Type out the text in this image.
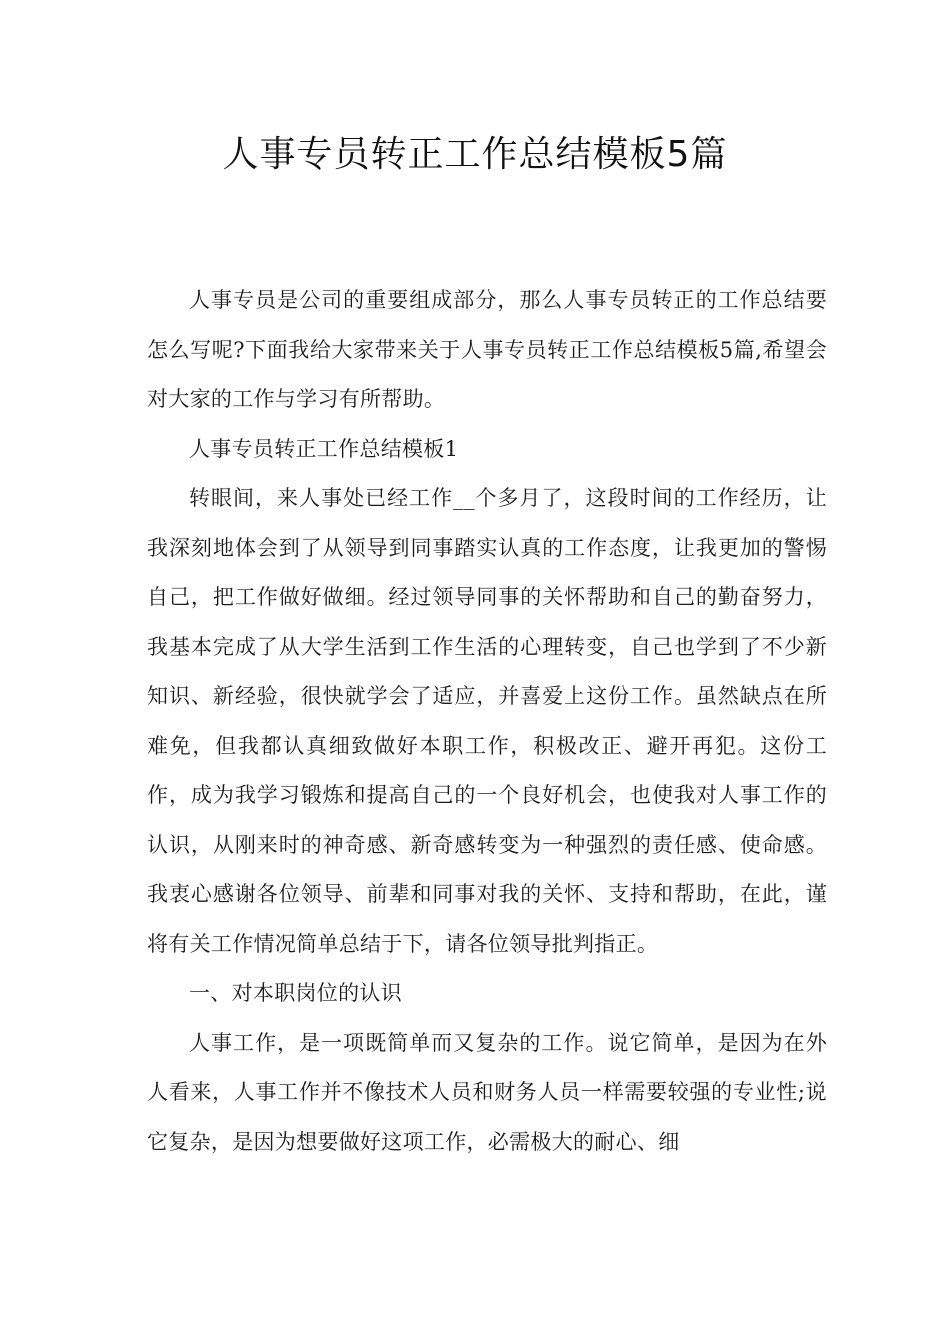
人事专员转正工作总结模板5篇

人事专员是公司的重要组成部分，那么人事专员转正的工作总结要怎么写呢?下面我给大家带来关于人事专员转正工作总结模板5篇,希望会对大家的工作与学习有所帮助。

人事专员转正工作总结模板1

转眼间，来人事处已经工作__个多月了，这段时间的工作经历，让我深刻地体会到了从领导到同事踏实认真的工作态度，让我更加的警惕自己，把工作做好做细。经过领导同事的关怀帮助和自己的勤奋努力，我基本完成了从大学生活到工作生活的心理转变，自己也学到了不少新知识、新经验，很快就学会了适应，并喜爱上这份工作。虽然缺点在所难免，但我都认真细致做好本职工作，积极改正、避开再犯。这份工作，成为我学习锻炼和提高自己的一个良好机会，也使我对人事工作的认识，从刚来时的神奇感、新奇感转变为一种强烈的责任感、使命感。我衷心感谢各位领导、前辈和同事对我的关怀、支持和帮助，在此，谨将有关工作情况简单总结于下，请各位领导批判指正。

一、对本职岗位的认识

人事工作，是一项既简单而又复杂的工作。说它简单，是因为在外人看来，人事工作并不像技术人员和财务人员一样需要较强的专业性;说它复杂，是因为想要做好这项工作，必需极大的耐心、细
